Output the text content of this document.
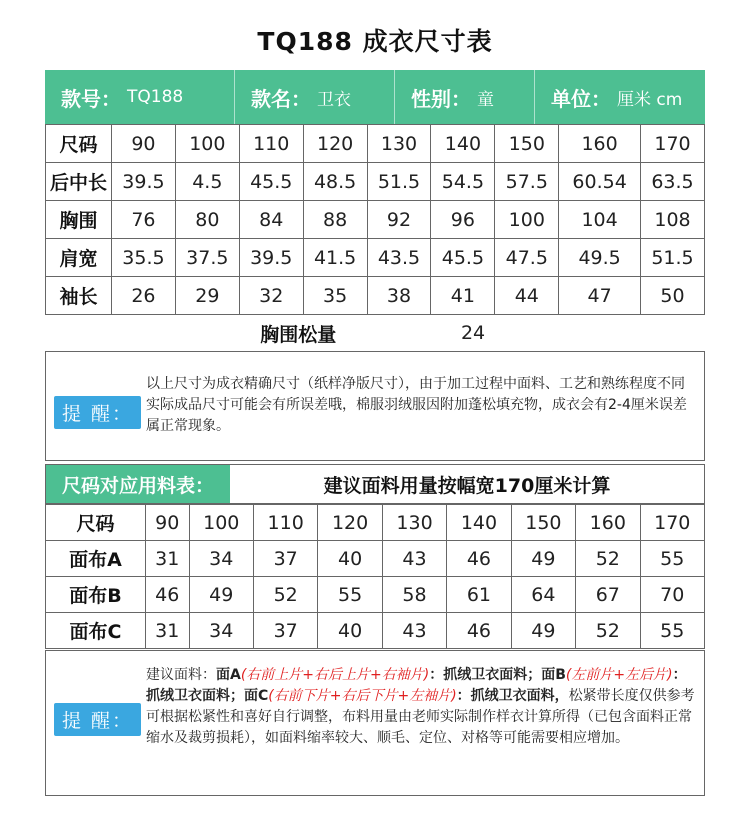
TQ188 成衣尺寸表
款号： TQ188	款名： 卫衣	性别： 童	单位： 厘米 cm
尺码	90	100	110	120	130	140	150	160	170
后中长	39.5	4.5	45.5	48.5	51.5	54.5	57.5	60.54	63.5
胸围	76	80	84	88	92	96	100	104	108
肩宽	35.5	37.5	39.5	41.5	43.5	45.5	47.5	49.5	51.5
袖长	26	29	32	35	38	41	44	47	50
胸围松量						24			
提 醒：
以上尺寸为成衣精确尺寸（纸样净版尺寸），由于加工过程中面料、工艺和熟练程度不同实际成品尺寸可能会有所误差哦，棉服羽绒服因附加蓬松填充物，成衣会有2-4厘米误差属正常现象。
尺码对应用料表：	建议面料用量按幅宽170厘米计算
尺码	90	100	110	120	130	140	150	160	170
面布A	31	34	37	40	43	46	49	52	55
面布B	46	49	52	55	58	61	64	67	70
面布C	31	34	37	40	43	46	49	52	55
提 醒：
建议面料：面A(右前上片+右后上片+右袖片)：抓绒卫衣面料；面B(左前片+左后片)：抓绒卫衣面料；面C(右前下片+右后下片+左袖片)：抓绒卫衣面料，松紧带长度仅供参考可根据松紧性和喜好自行调整，布料用量由老师实际制作样衣计算所得（已包含面料正常缩水及裁剪损耗），如面料缩率较大、顺毛、定位、对格等可能需要相应增加。
